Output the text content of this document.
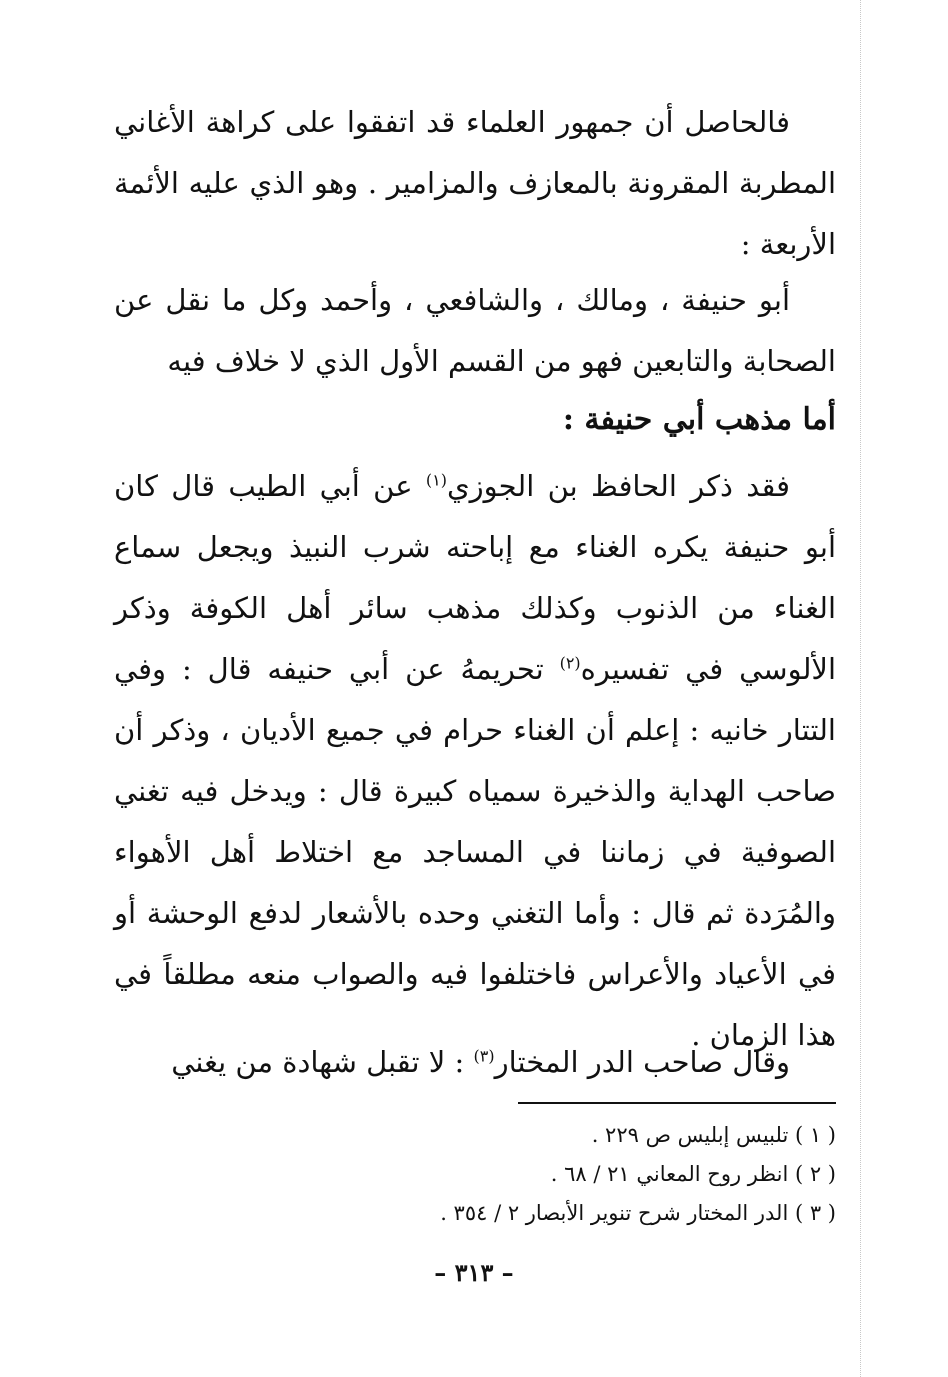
فالحاصل أن جمهور العلماء قد اتفقوا على كراهة الأغاني المطربة المقرونة بالمعازف والمزامير . وهو الذي عليه الأئمة الأربعة :

أبو حنيفة ، ومالك ، والشافعي ، وأحمد وكل ما نقل عن الصحابة والتابعين فهو من القسم الأول الذي لا خلاف فيه

أما مذهب أبي حنيفة :

فقد ذكر الحافظ بن الجوزي$^{(١)}$ عن أبي الطيب قال كان أبو حنيفة يكره الغناء مع إباحته شرب النبيذ ويجعل سماع الغناء من الذنوب وكذلك مذهب سائر أهل الكوفة وذكر الألوسي في تفسيره$^{(٢)}$ تحريمهُ عن أبي حنيفه قال : وفي التتار خانيه : إعلم أن الغناء حرام في جميع الأديان ، وذكر أن صاحب الهداية والذخيرة سمياه كبيرة قال : ويدخل فيه تغني الصوفية في زماننا في المساجد مع اختلاط أهل الأهواء والمُرَدة ثم قال : وأما التغني وحده بالأشعار لدفع الوحشة أو في الأعياد والأعراس فاختلفوا فيه والصواب منعه مطلقاً في هذا الزمان .

وقال صاحب الدر المختار$^{(٣)}$ : لا تقبل شهادة من يغني

( ١ ) تلبيس إبليس ص ٢٢٩ .
( ٢ ) انظر روح المعاني ٢١ / ٦٨ .
( ٣ ) الدر المختار شرح تنوير الأبصار ٢ / ٣٥٤ .
– ٣١٣ –
